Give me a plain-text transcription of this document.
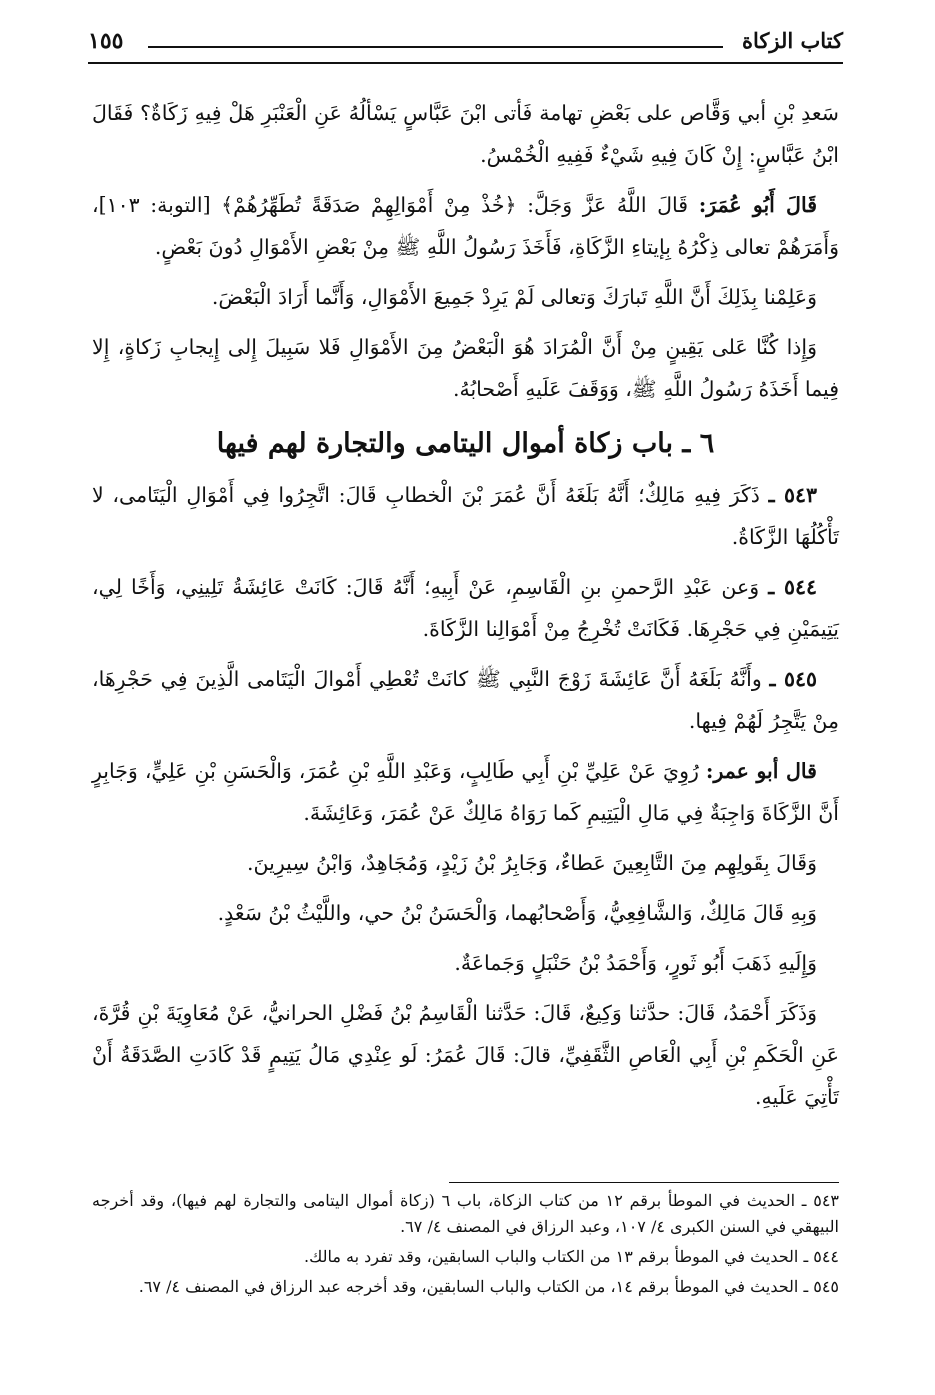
كتاب الزكاة
١٥٥

سَعدِ بْنِ أبي وَقَّاص على بَعْضِ تهامة فَأتى ابْنَ عَبَّاسٍ يَسْألُهُ عَنِ الْعَنْبَرِ هَلْ فِيهِ زَكَاةٌ؟ فَقَالَ ابْنُ عَبَّاسٍ: إِنْ كَانَ فِيهِ شَيْءٌ فَفِيهِ الْخُمْسُ.

قَالَ أَبُو عُمَرَ: قَالَ اللَّهُ عَزَّ وَجَلَّ: ﴿خُذْ مِنْ أَمْوَالِهِمْ صَدَقَةً تُطَهِّرُهُمْ﴾ [التوبة: ١٠٣]، وَأَمَرَهُمْ تعالى ذِكْرُهُ بِإيتاءِ الزَّكَاةِ، فَأَخَذَ رَسُولُ اللَّهِ ﷺ مِنْ بَعْضِ الأَمْوَالِ دُونَ بَعْضٍ.

وَعَلِمْنا بِذَلِكَ أَنَّ اللَّهِ تَبارَكَ وَتعالى لَمْ يَرِدْ جَمِيعَ الأَمْوَالِ، وَأَنَّما أَرَادَ الْبَعْضَ.

وَإِذا كُنَّا عَلى يَقِينٍ مِنْ أَنَّ الْمُرَادَ هُوَ الْبَعْضُ مِنَ الأَمْوَالِ فَلا سَبِيلَ إِلى إِيجابِ زَكاةٍ، إِلا فِيما أَخَذَهُ رَسُولُ اللَّهِ ﷺ، وَوَقَفَ عَلَيهِ أَصْحابُهُ.

٦ ـ باب زكاة أموال اليتامى والتجارة لهم فيها

٥٤٣ ـ ذَكَرَ فِيهِ مَالِكٌ؛ أَنَّهُ بَلَغَهُ أَنَّ عُمَرَ بْنَ الْخطابِ قَالَ: اتَّجِرُوا فِي أَمْوَالِ الْيَتَامى، لا تَأْكُلُهَا الزَّكَاةُ.

٥٤٤ ـ وَعن عَبْدِ الرَّحمنِ بنِ الْقَاسِمِ، عَنْ أَبِيهِ؛ أَنَّهُ قَالَ: كَانَتْ عَائِشَةُ تَلِينِي، وَأَخًا لِي، يَتِيمَيْنِ فِي حَجْرِهَا. فَكَانَتْ تُخْرِجُ مِنْ أَمْوَالِنا الزَّكَاةَ.

٥٤٥ ـ وأَنَّهُ بَلَغَهُ أَنَّ عَائِشَةَ زَوْجَ النَّبِي ﷺ كانَتْ تُعْطِي أَمْوالَ الْيَتَامى الَّذِينَ فِي حَجْرِهَا، مِنْ يَتَّجِرُ لَهُمْ فِيها.

قال أبو عمر: رُوِيَ عَنْ عَلِيِّ بْنِ أَبِي طَالِبٍ، وَعَبْدِ اللَّهِ بْنِ عُمَرَ، وَالْحَسَنِ بْنِ عَلِيٍّ، وَجَابِرٍ أَنَّ الزَّكَاةَ وَاجِبَةٌ فِي مَالِ الْيَتِيمِ كَما رَوَاهُ مَالِكٌ عَنْ عُمَرَ، وَعَائِشَةَ.

وَقَالَ بِقَولِهِم مِنَ التَّابِعِينَ عَطاءٌ، وَجَابِرُ بْنُ زَيْدٍ، وَمُجَاهِدٌ، وَابْنُ سِيرِينَ.

وَبِهِ قَالَ مَالِكٌ، وَالشَّافِعِيُّ، وَأَصْحابُهما، وَالْحَسَنُ بْنُ حي، واللَّيْثُ بْنُ سَعْدٍ.

وَإِلَيهِ ذَهَبَ أَبُو ثَورٍ، وَأَحْمَدُ بْنُ حَنْبَلٍ وَجَماعَةٌ.

وَذَكَرَ أَحْمَدُ، قَالَ: حدَّثنا وَكِيعٌ، قَالَ: حَدَّثنا الْقَاسِمُ بْنُ فَضْلِ الحرانيُّ، عَنْ مُعَاوِيَةَ بْنِ قُرَّةَ، عَنِ الْحَكَمِ بْنِ أَبِي الْعَاصِ الثَّقَفِيِّ، قالَ: قَالَ عُمَرُ: لَو عِنْدِي مَالُ يَتِيمٍ قَدْ كَادَتِ الصَّدَقَةُ أَنْ تَأْتِيَ عَلَيهِ.

٥٤٣ ـ الحديث في الموطأ برقم ١٢ من كتاب الزكاة، باب ٦ (زكاة أموال اليتامى والتجارة لهم فيها)، وقد أخرجه البيهقي في السنن الكبرى ٤/ ١٠٧، وعبد الرزاق في المصنف ٤/ ٦٧.

٥٤٤ ـ الحديث في الموطأ برقم ١٣ من الكتاب والباب السابقين، وقد تفرد به مالك.

٥٤٥ ـ الحديث في الموطأ برقم ١٤، من الكتاب والباب السابقين، وقد أخرجه عبد الرزاق في المصنف ٤/ ٦٧.
